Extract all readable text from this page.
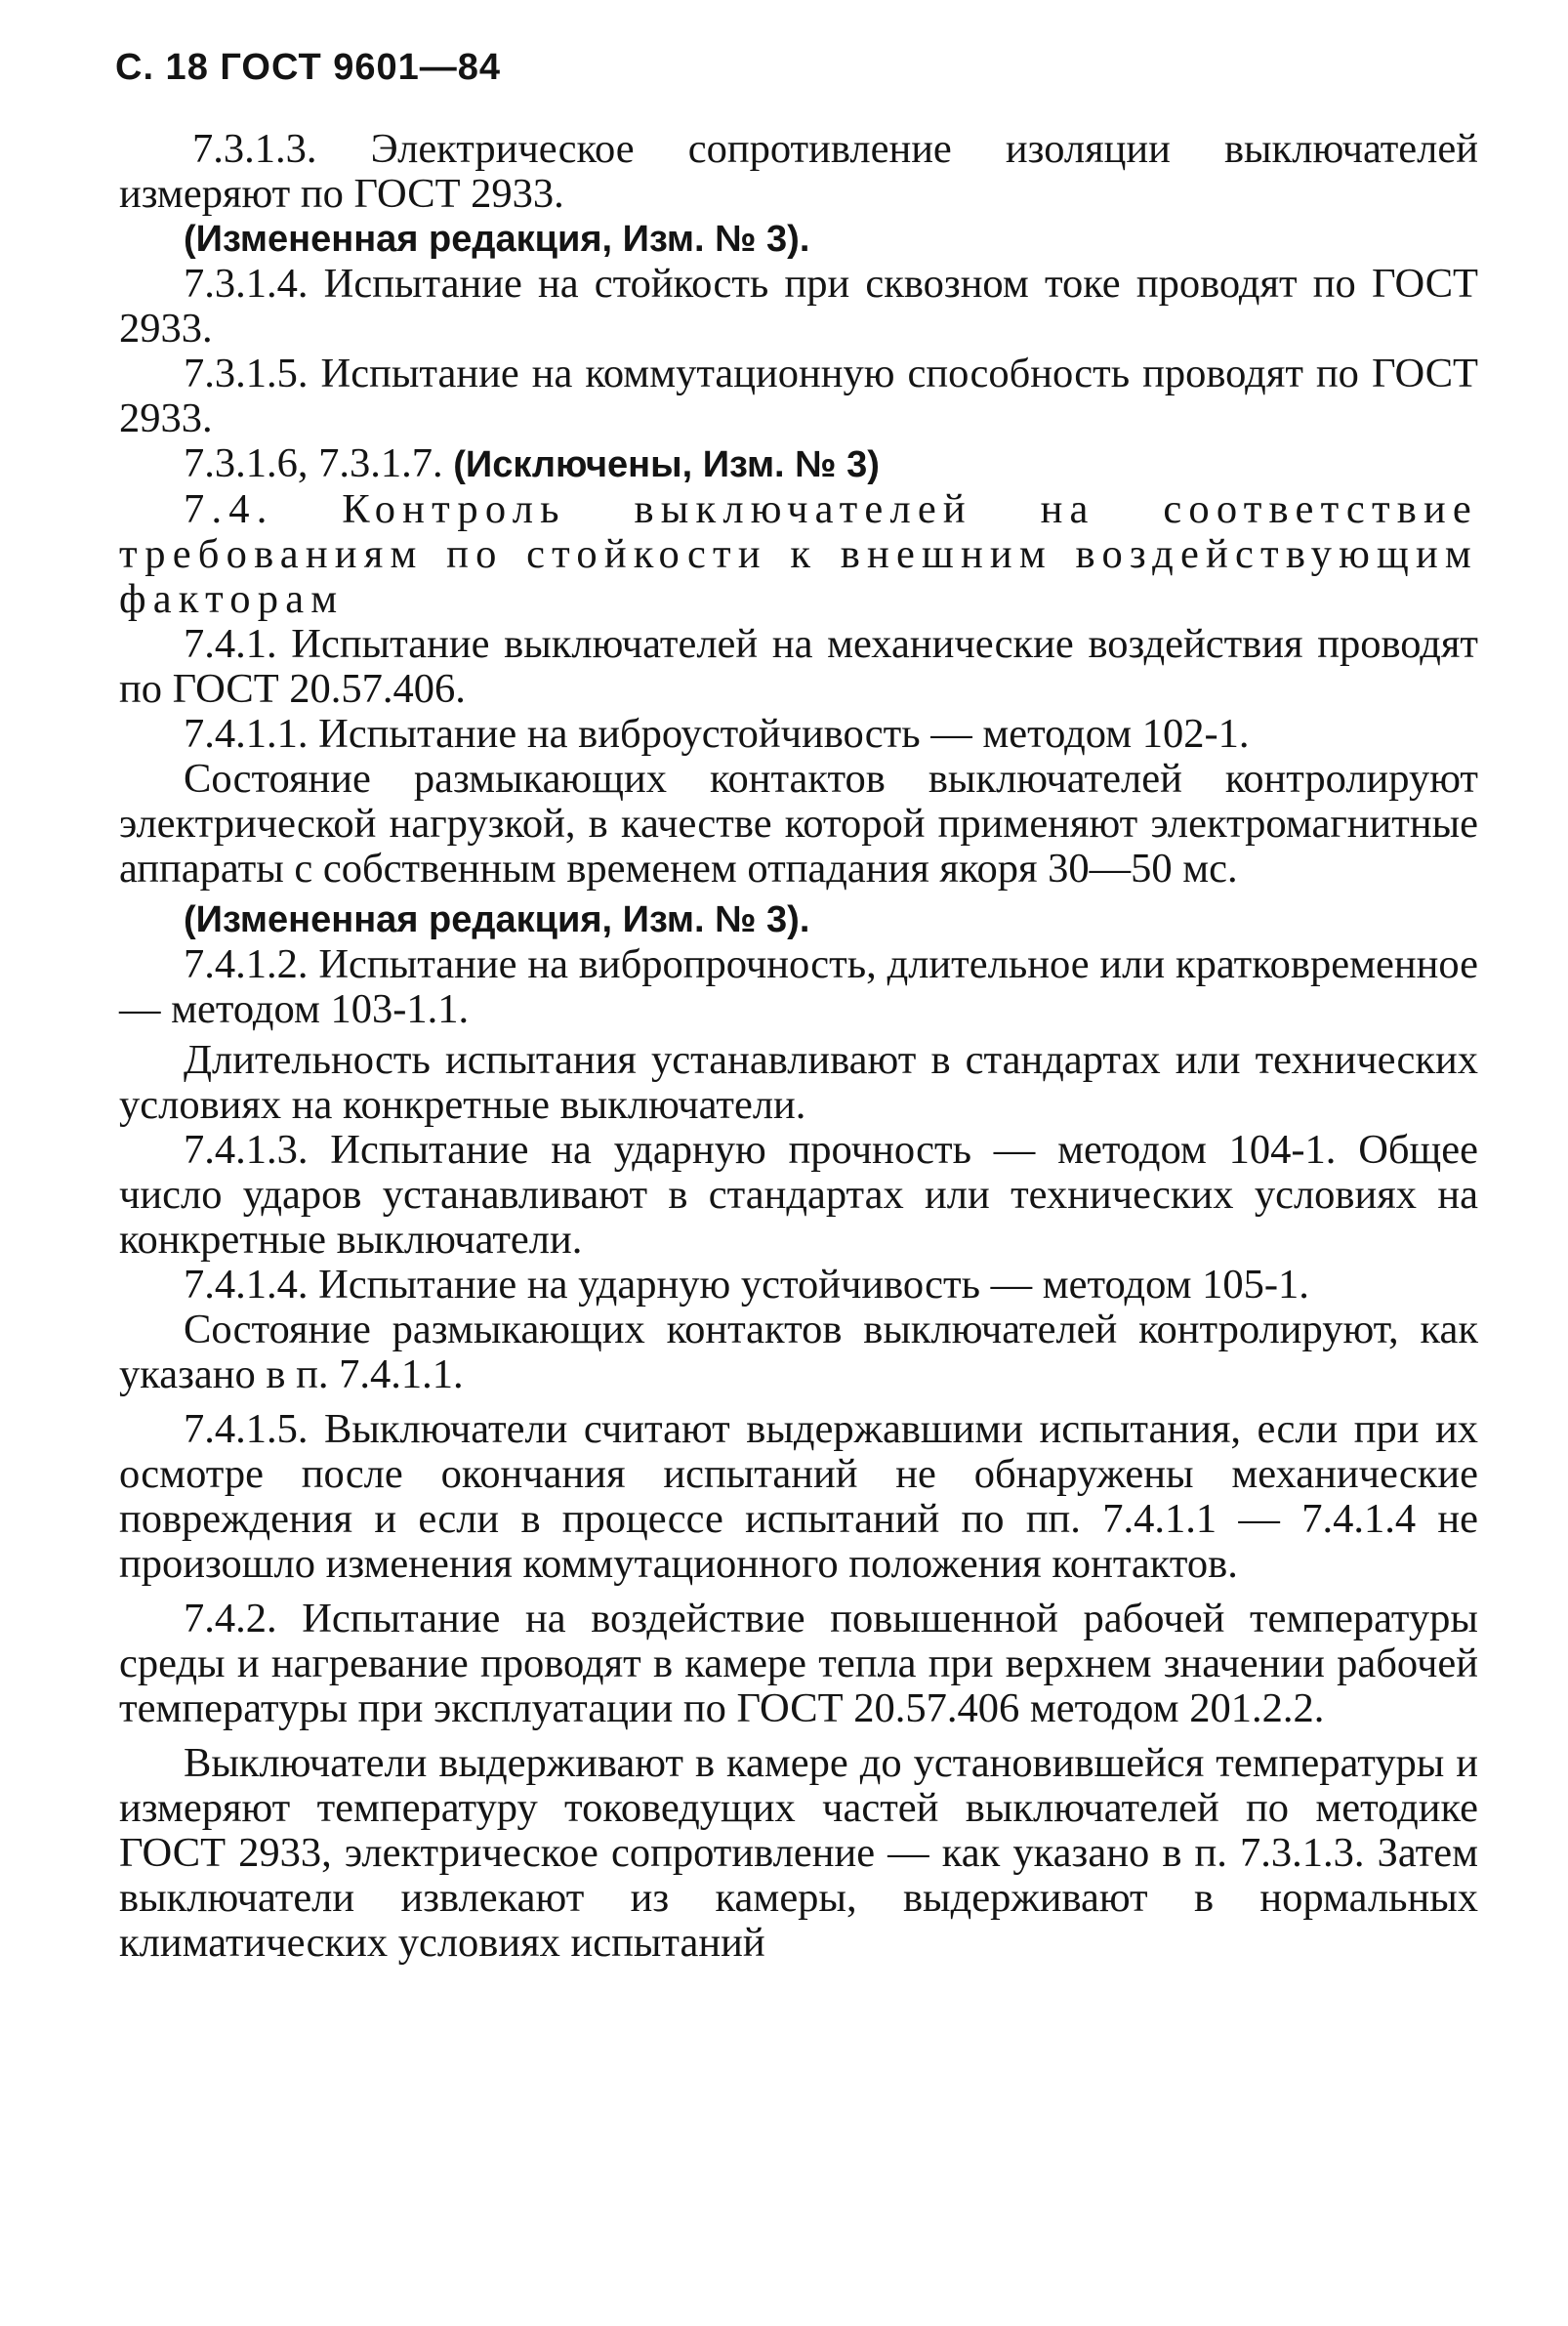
С. 18 ГОСТ 9601—84

7.3.1.3. Электрическое сопротивление изоляции выключателей измеряют по ГОСТ 2933.

(Измененная редакция, Изм. № 3).

7.3.1.4. Испытание на стойкость при сквозном токе проводят по ГОСТ 2933.

7.3.1.5. Испытание на коммутационную способность проводят по ГОСТ 2933.

7.3.1.6, 7.3.1.7. (Исключены, Изм. № 3)

7.4. Контроль выключателей на соответствие требованиям по стойкости к внешним воздействующим факторам

7.4.1. Испытание выключателей на механические воздействия проводят по ГОСТ 20.57.406.

7.4.1.1. Испытание на виброустойчивость — методом 102-1.

Состояние размыкающих контактов выключателей контролируют электрической нагрузкой, в качестве которой применяют электромагнитные аппараты с собственным временем отпадания якоря 30—50 мс.

(Измененная редакция, Изм. № 3).

7.4.1.2. Испытание на вибропрочность, длительное или кратковременное — методом 103-1.1.

Длительность испытания устанавливают в стандартах или технических условиях на конкретные выключатели.

7.4.1.3. Испытание на ударную прочность — методом 104-1. Общее число ударов устанавливают в стандартах или технических условиях на конкретные выключатели.

7.4.1.4. Испытание на ударную устойчивость — методом 105-1.

Состояние размыкающих контактов выключателей контролируют, как указано в п. 7.4.1.1.

7.4.1.5. Выключатели считают выдержавшими испытания, если при их осмотре после окончания испытаний не обнаружены механические повреждения и если в процессе испытаний по пп. 7.4.1.1 — 7.4.1.4 не произошло изменения коммутационного положения контактов.

7.4.2. Испытание на воздействие повышенной рабочей температуры среды и нагревание проводят в камере тепла при верхнем значении рабочей температуры при эксплуатации по ГОСТ 20.57.406 методом 201.2.2.

Выключатели выдерживают в камере до установившейся температуры и измеряют температуру токоведущих частей выключателей по методике ГОСТ 2933, электрическое сопротивление — как указано в п. 7.3.1.3. Затем выключатели извлекают из камеры, выдерживают в нормальных климатических условиях испытаний
